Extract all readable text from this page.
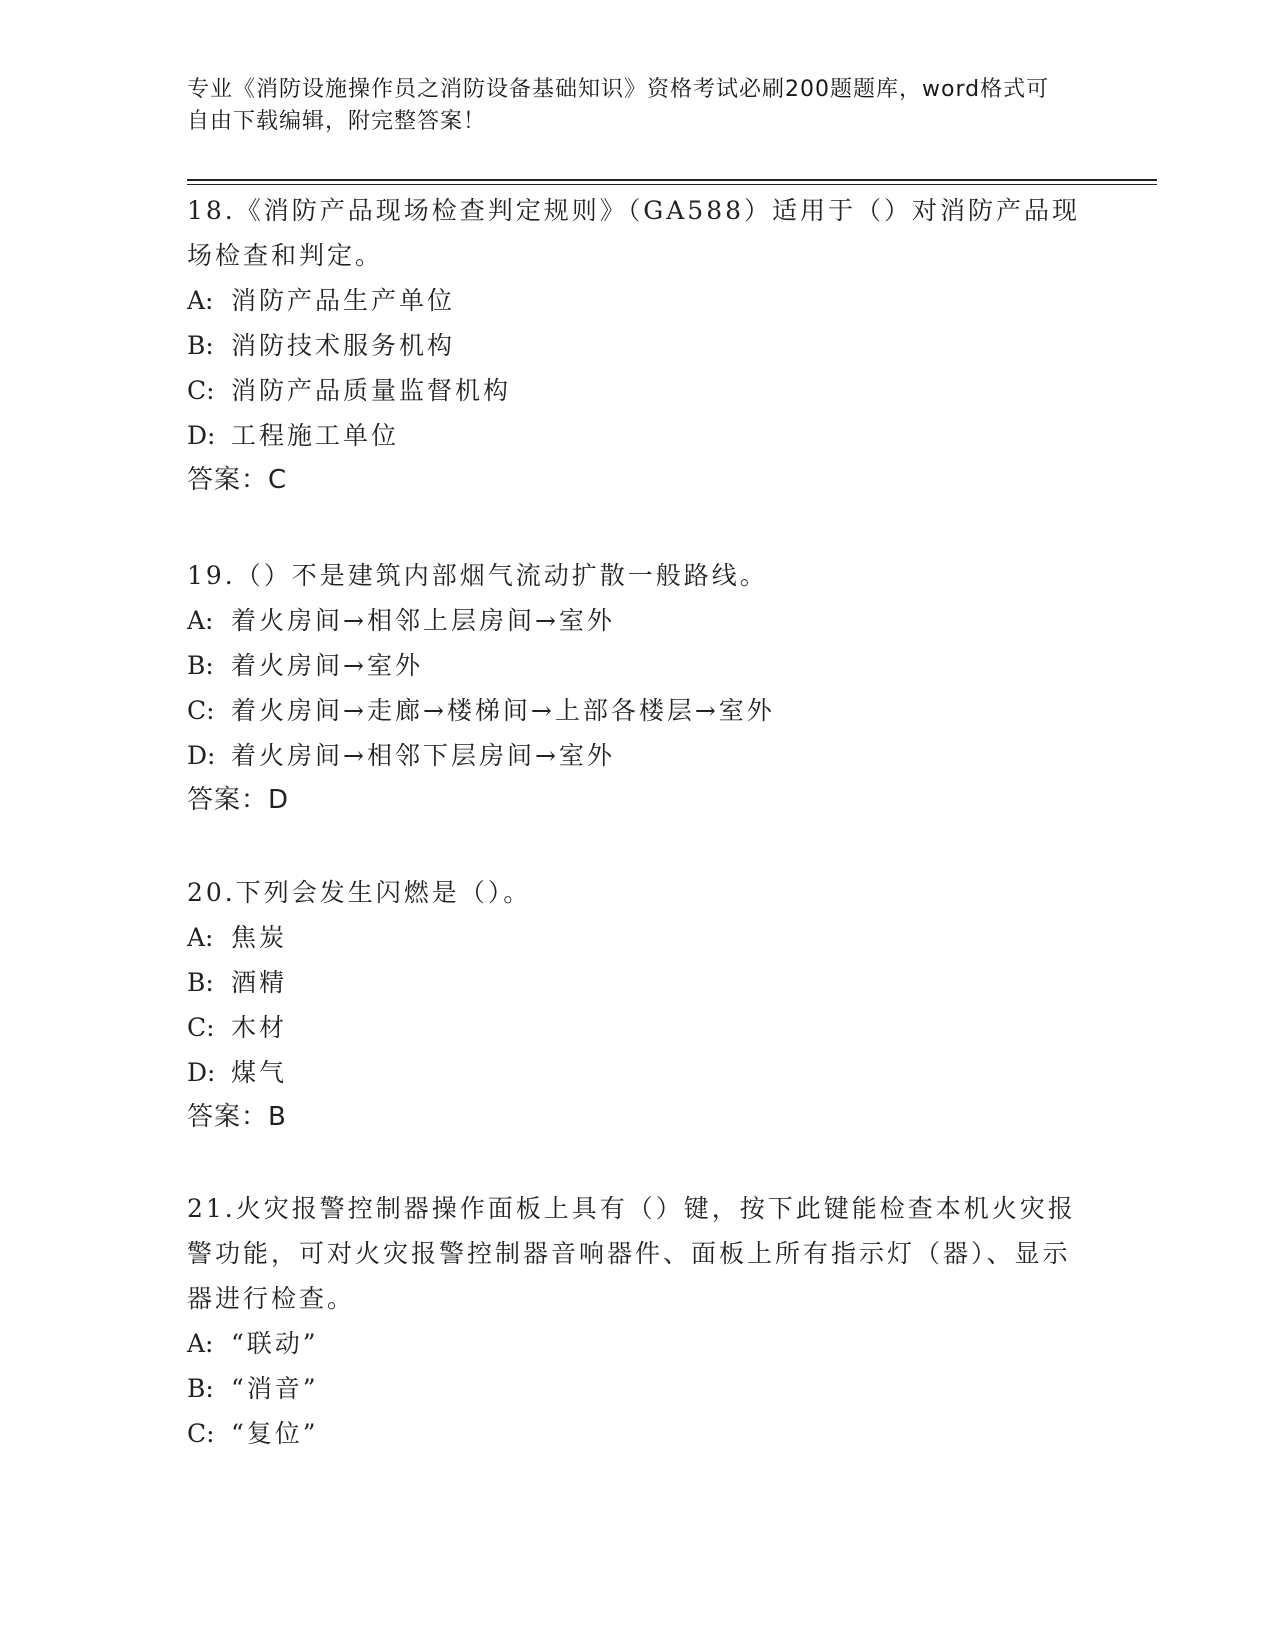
专业《消防设施操作员之消防设备基础知识》资格考试必刷200题题库，word格式可自由下载编辑，附完整答案！
18.《消防产品现场检查判定规则》（GA588）适用于（）对消防产品现场检查和判定。
A: 消防产品生产单位
B: 消防技术服务机构
C: 消防产品质量监督机构
D: 工程施工单位
答案：C
19.（）不是建筑内部烟气流动扩散一般路线。
A: 着火房间→相邻上层房间→室外
B: 着火房间→室外
C: 着火房间→走廊→楼梯间→上部各楼层→室外
D: 着火房间→相邻下层房间→室外
答案：D
20.下列会发生闪燃是（）。
A: 焦炭
B: 酒精
C: 木材
D: 煤气
答案：B
21.火灾报警控制器操作面板上具有（）键，按下此键能检查本机火灾报警功能，可对火灾报警控制器音响器件、面板上所有指示灯（器）、显示器进行检查。
A: “联动”
B: “消音”
C: “复位”
